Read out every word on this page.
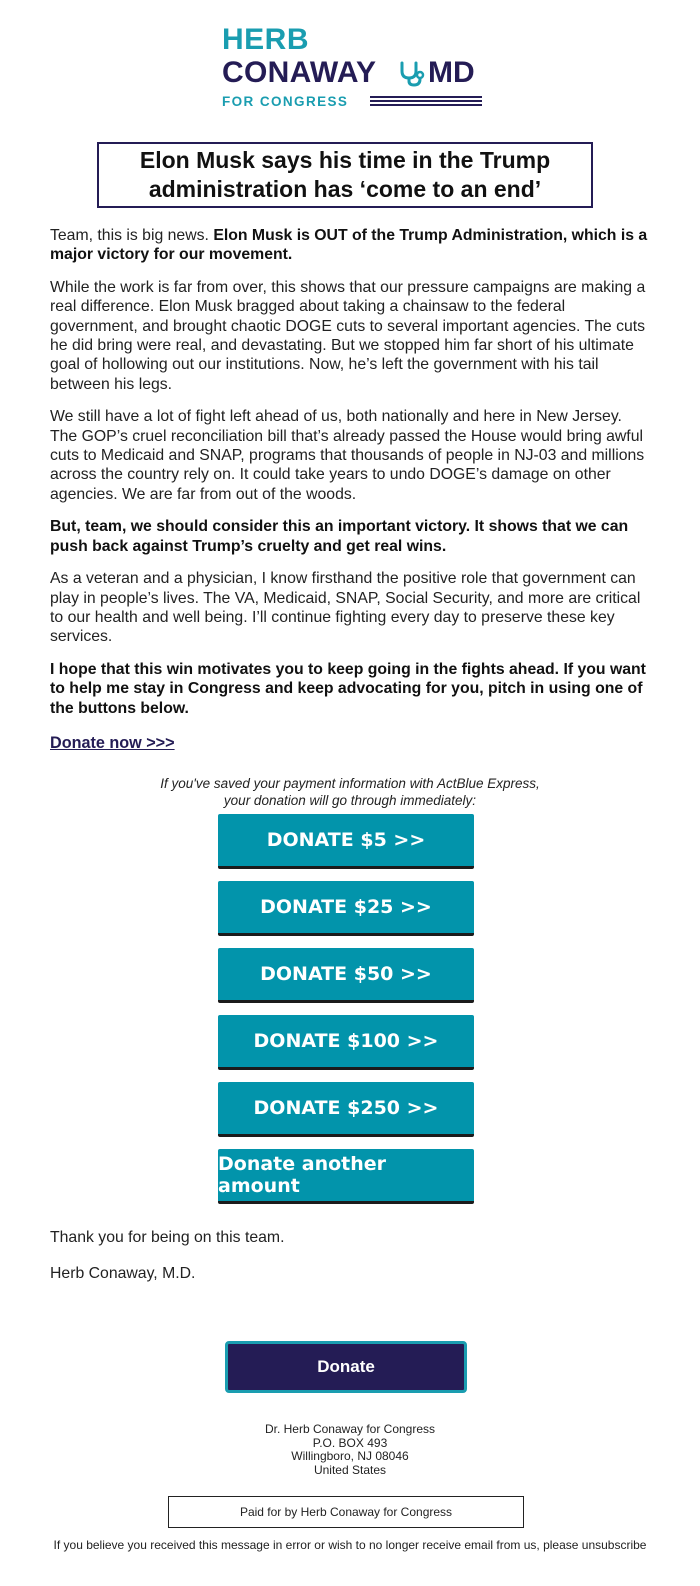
HERB
CONAWAY MD
FOR CONGRESS
Elon Musk says his time in the Trump administration has ‘come to an end’

Team, this is big news. Elon Musk is OUT of the Trump Administration, which is a major victory for our movement.

While the work is far from over, this shows that our pressure campaigns are making a real difference. Elon Musk bragged about taking a chainsaw to the federal government, and brought chaotic DOGE cuts to several important agencies. The cuts he did bring were real, and devastating. But we stopped him far short of his ultimate goal of hollowing out our institutions. Now, he’s left the government with his tail between his legs.

We still have a lot of fight left ahead of us, both nationally and here in New Jersey. The GOP’s cruel reconciliation bill that’s already passed the House would bring awful cuts to Medicaid and SNAP, programs that thousands of people in NJ-03 and millions across the country rely on. It could take years to undo DOGE’s damage on other agencies. We are far from out of the woods.

But, team, we should consider this an important victory. It shows that we can push back against Trump’s cruelty and get real wins.

As a veteran and a physician, I know firsthand the positive role that government can play in people’s lives. The VA, Medicaid, SNAP, Social Security, and more are critical to our health and well being. I’ll continue fighting every day to preserve these key services.

I hope that this win motivates you to keep going in the fights ahead. If you want to help me stay in Congress and keep advocating for you, pitch in using one of the buttons below.

Donate now >>>
If you've saved your payment information with ActBlue Express,
your donation will go through immediately:
DONATE $5 >>
DONATE $25 >>
DONATE $50 >>
DONATE $100 >>
DONATE $250 >>
Donate another amount
Thank you for being on this team.
Herb Conaway, M.D.
Donate
Dr. Herb Conaway for Congress
P.O. BOX 493
Willingboro, NJ 08046
United States
Paid for by Herb Conaway for Congress
If you believe you received this message in error or wish to no longer receive email from us, please unsubscribe
